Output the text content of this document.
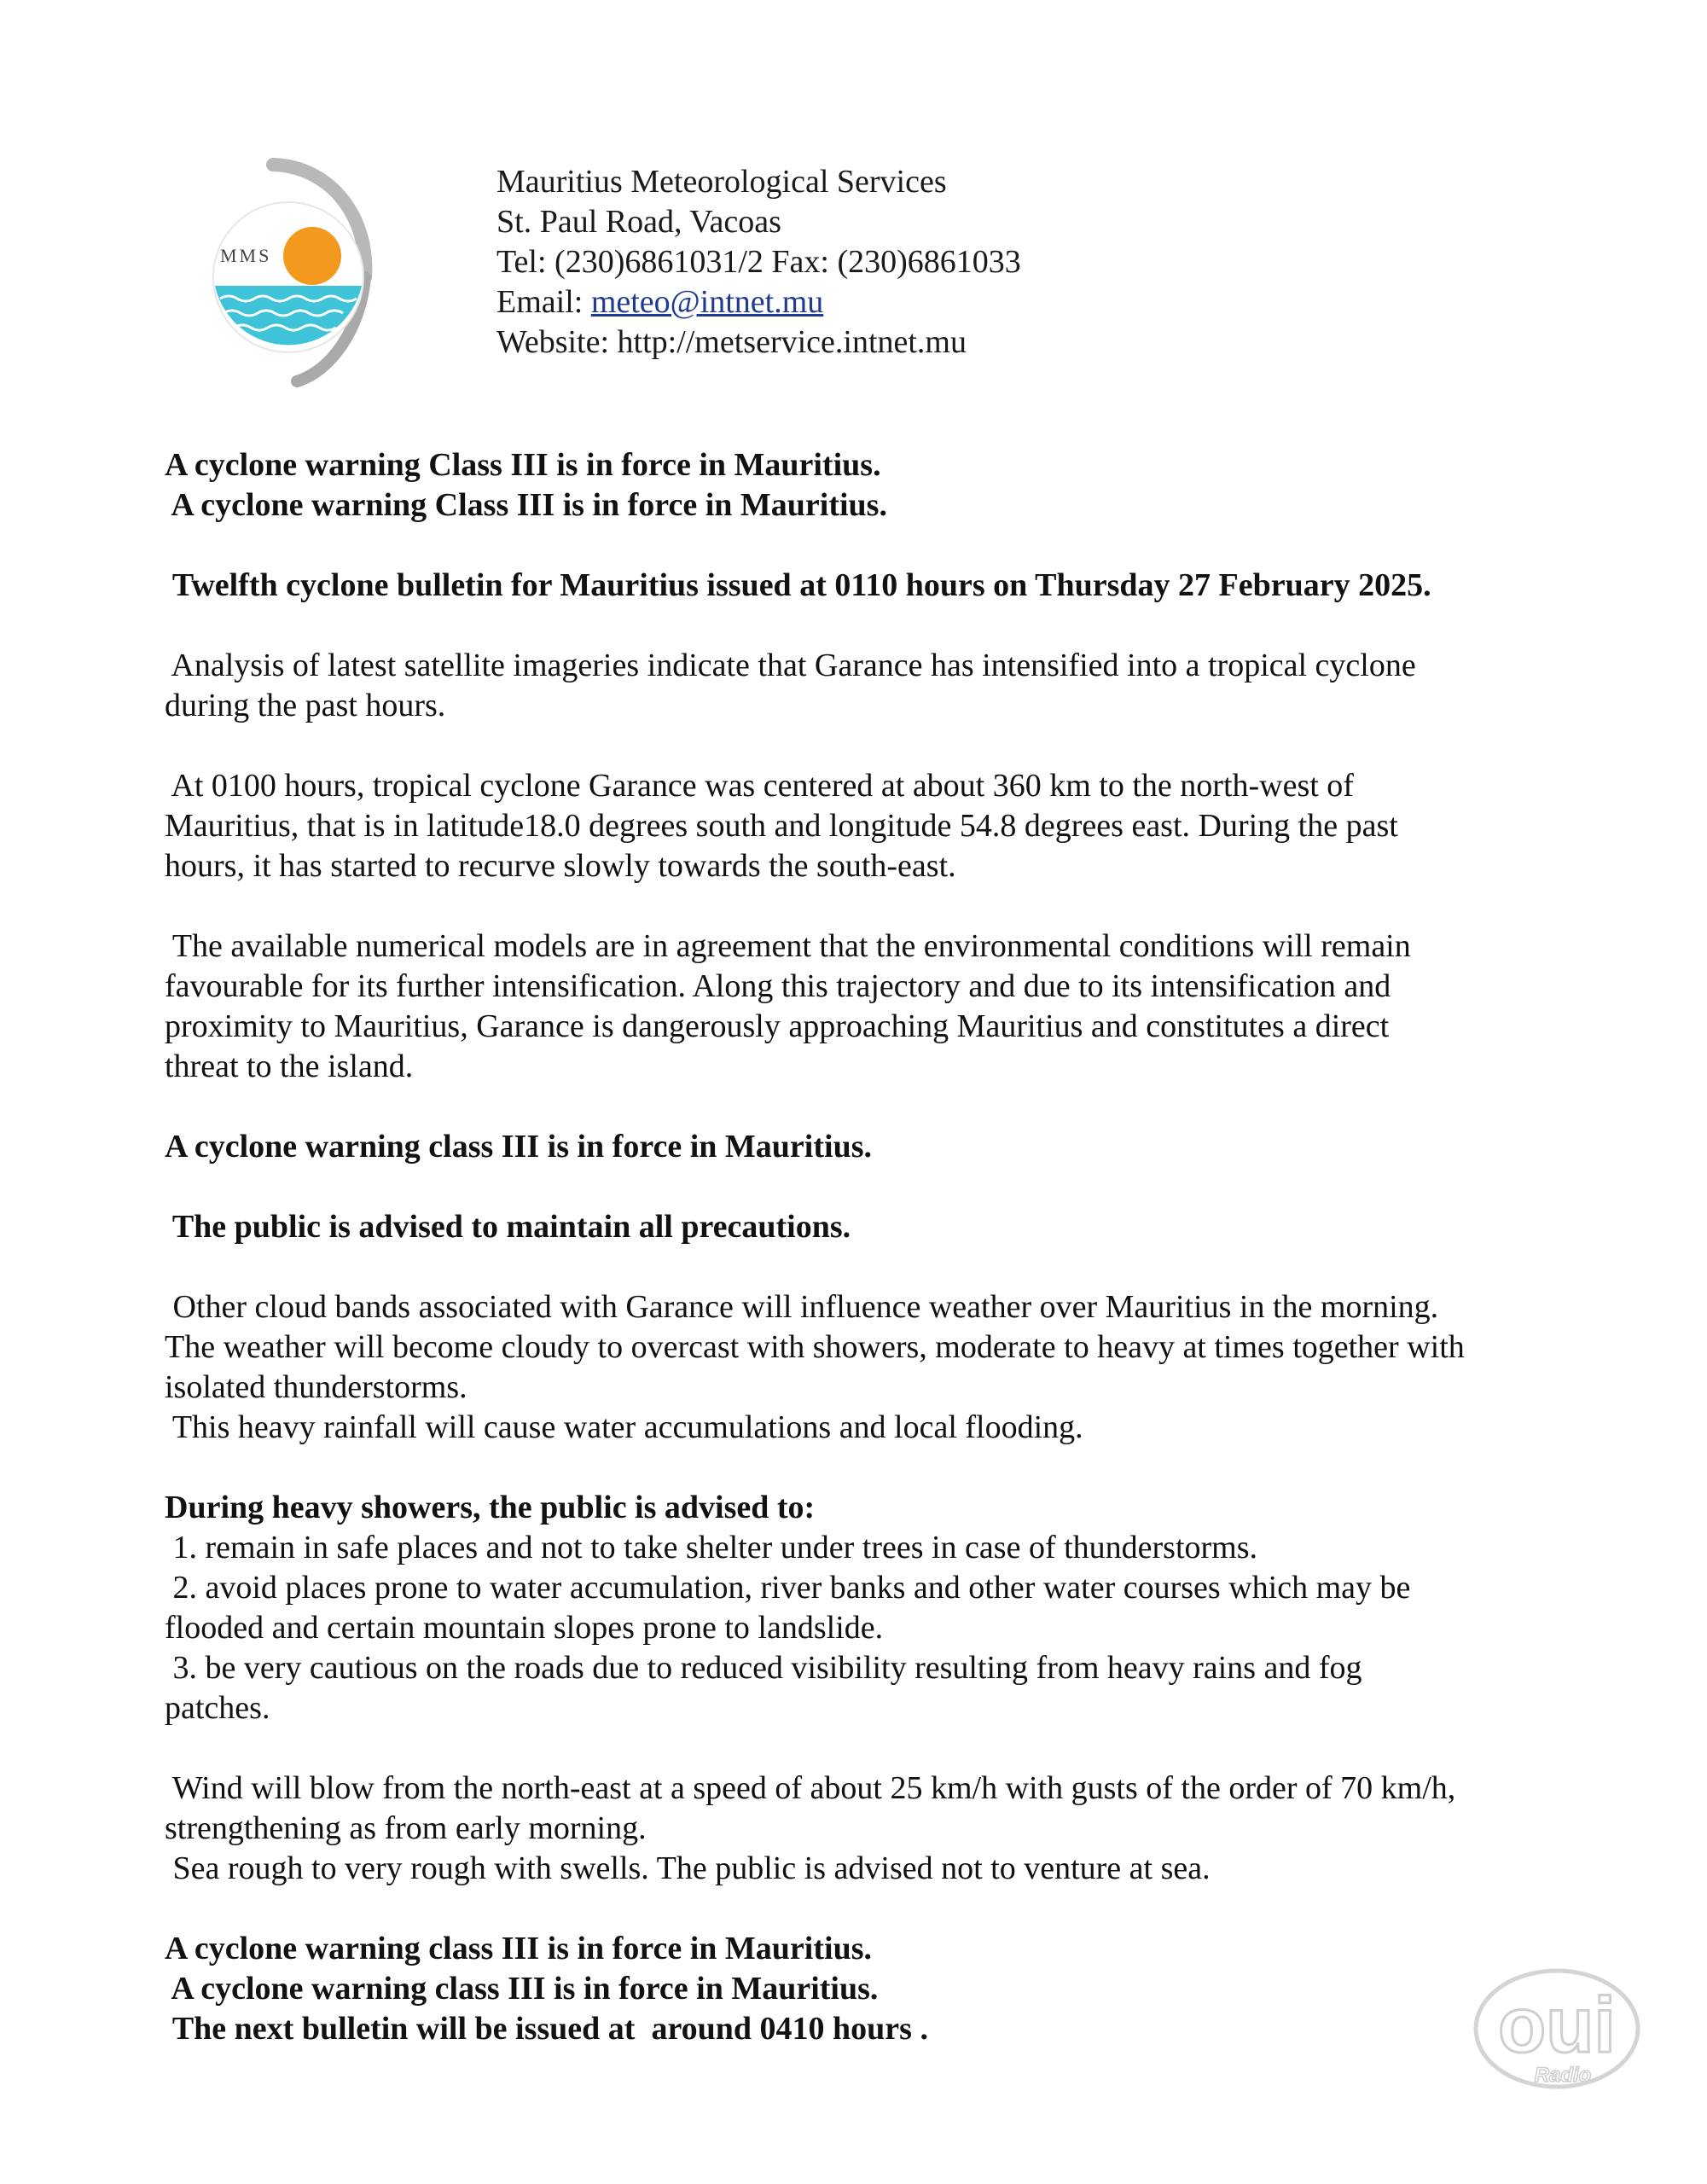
MMS
Mauritius Meteorological Services
St. Paul Road, Vacoas
Tel: (230)6861031/2 Fax: (230)6861033
Email: meteo@intnet.mu
Website: http://metservice.intnet.mu
A cyclone warning Class III is in force in Mauritius.
A cyclone warning Class III is in force in Mauritius.
Twelfth cyclone bulletin for Mauritius issued at 0110 hours on Thursday 27 February 2025.
Analysis of latest satellite imageries indicate that Garance has intensified into a tropical cyclone
during the past hours.
At 0100 hours, tropical cyclone Garance was centered at about 360 km to the north-west of
Mauritius, that is in latitude18.0 degrees south and longitude 54.8 degrees east. During the past
hours, it has started to recurve slowly towards the south-east.
The available numerical models are in agreement that the environmental conditions will remain
favourable for its further intensification. Along this trajectory and due to its intensification and
proximity to Mauritius, Garance is dangerously approaching Mauritius and constitutes a direct
threat to the island.
A cyclone warning class III is in force in Mauritius.
The public is advised to maintain all precautions.
Other cloud bands associated with Garance will influence weather over Mauritius in the morning.
The weather will become cloudy to overcast with showers, moderate to heavy at times together with
isolated thunderstorms.
This heavy rainfall will cause water accumulations and local flooding.
During heavy showers, the public is advised to:
1. remain in safe places and not to take shelter under trees in case of thunderstorms.
2. avoid places prone to water accumulation, river banks and other water courses which may be
flooded and certain mountain slopes prone to landslide.
3. be very cautious on the roads due to reduced visibility resulting from heavy rains and fog
patches.
Wind will blow from the north-east at a speed of about 25 km/h with gusts of the order of 70 km/h,
strengthening as from early morning.
Sea rough to very rough with swells. The public is advised not to venture at sea.
A cyclone warning class III is in force in Mauritius.
A cyclone warning class III is in force in Mauritius.
The next bulletin will be issued at  around 0410 hours .	oui
Radio
